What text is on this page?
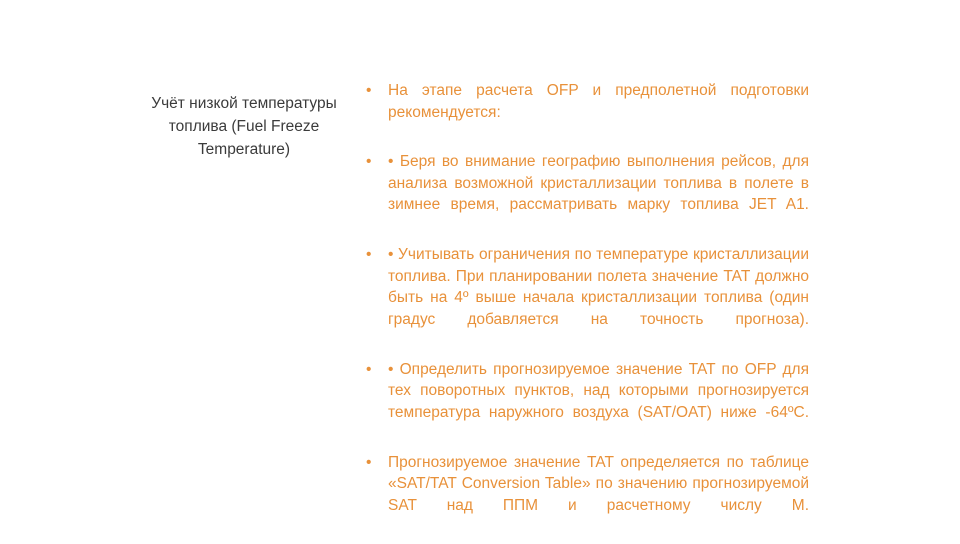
Учёт низкой температуры топлива (Fuel Freeze Temperature)
• На этапе расчета OFP и предполетной подготовки рекомендуется:
• • Беря во внимание географию выполнения рейсов, для анализа возможной кристаллизации топлива в полете в зимнее время, рассматривать марку топлива JET A1.
• • Учитывать ограничения по температуре кристаллизации топлива. При планировании полета значение TAT должно быть на 4º выше начала кристаллизации топлива (один градус добавляется на точность прогноза).
• • Определить прогнозируемое значение TAT по OFP для тех поворотных пунктов, над которыми прогнозируется температура наружного воздуха (SAT/OAT) ниже -64ºC.
• Прогнозируемое значение TAT определяется по таблице «SAT/TAT Conversion Table» по значению прогнозируемой SAT над ППМ и расчетному числу M.
